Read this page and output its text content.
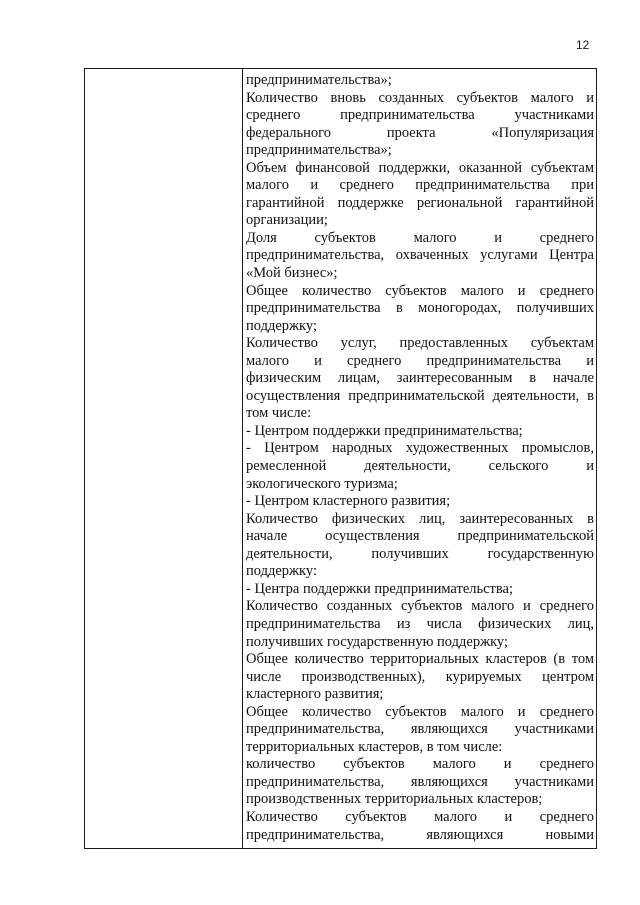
12
предпринимательства»;
Количество вновь созданных субъектов малого и
среднего предпринимательства участниками
федерального проекта «Популяризация
предпринимательства»;
Объем финансовой поддержки, оказанной субъектам
малого и среднего предпринимательства при
гарантийной поддержке региональной гарантийной
организации;
Доля субъектов малого и среднего
предпринимательства, охваченных услугами Центра
«Мой бизнес»;
Общее количество субъектов малого и среднего
предпринимательства в моногородах, получивших
поддержку;
Количество услуг, предоставленных субъектам
малого и среднего предпринимательства и
физическим лицам, заинтересованным в начале
осуществления предпринимательской деятельности, в
том числе:
- Центром поддержки предпринимательства;
- Центром народных художественных промыслов,
ремесленной деятельности, сельского и
экологического туризма;
- Центром кластерного развития;
Количество физических лиц, заинтересованных в
начале осуществления предпринимательской
деятельности, получивших государственную
поддержку:
- Центра поддержки предпринимательства;
Количество созданных субъектов малого и среднего
предпринимательства из числа физических лиц,
получивших государственную поддержку;
Общее количество территориальных кластеров (в том
числе производственных), курируемых центром
кластерного развития;
Общее количество субъектов малого и среднего
предпринимательства, являющихся участниками
территориальных кластеров, в том числе:
количество субъектов малого и среднего
предпринимательства, являющихся участниками
производственных территориальных кластеров;
Количество субъектов малого и среднего
предпринимательства, являющихся новыми
